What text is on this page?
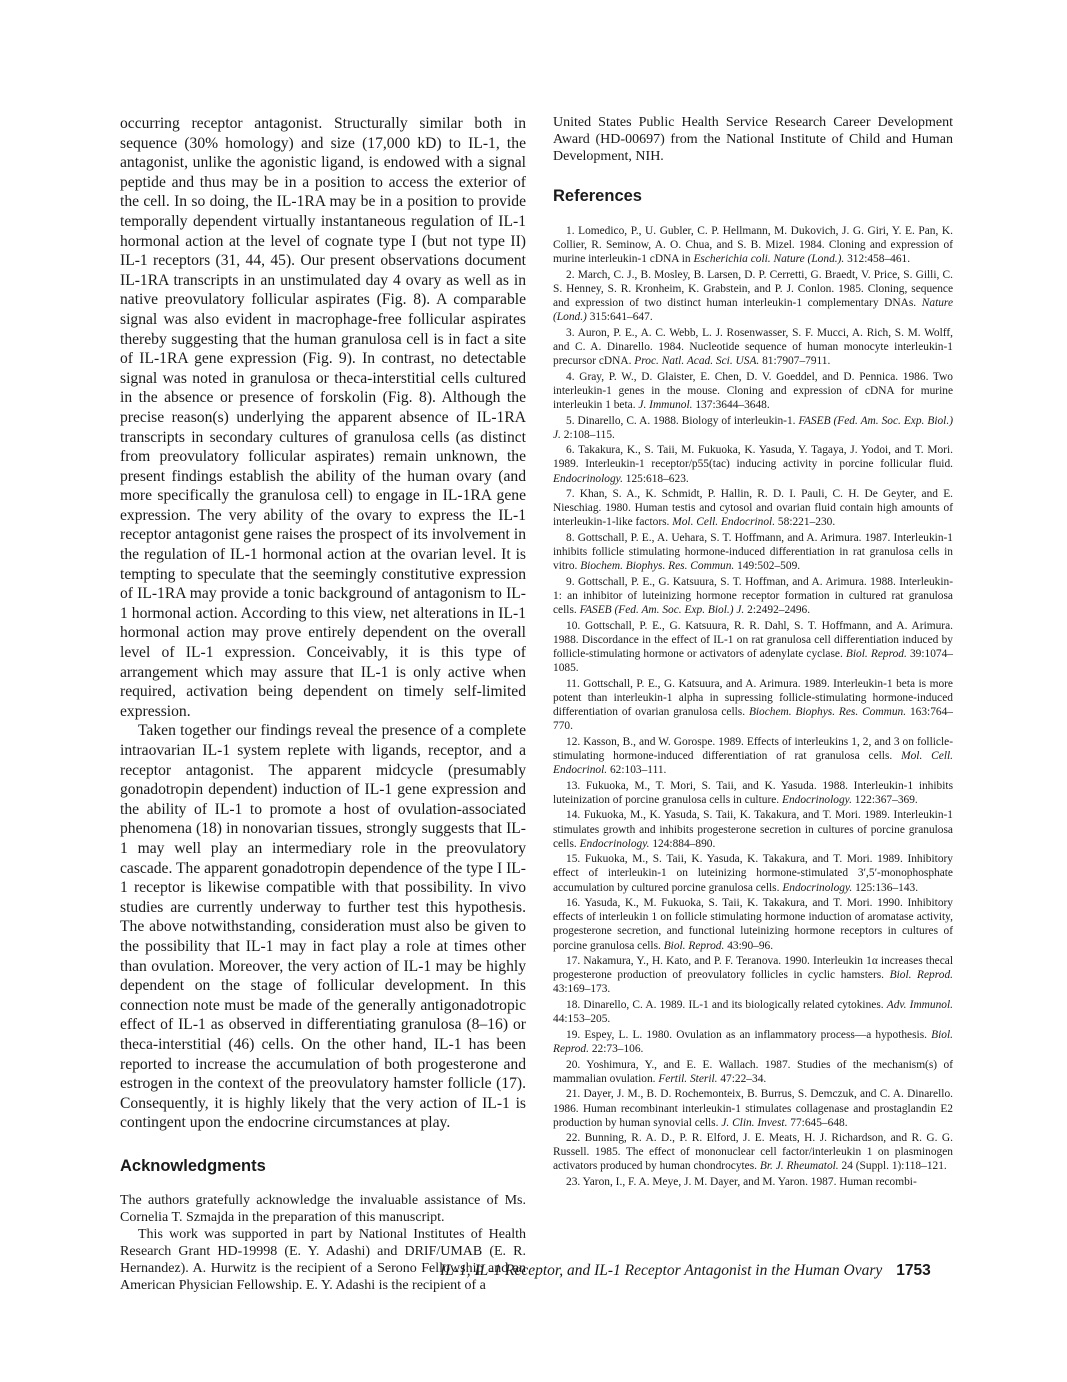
occurring receptor antagonist. Structurally similar both in sequence (30% homology) and size (17,000 kD) to IL-1, the antagonist, unlike the agonistic ligand, is endowed with a signal peptide and thus may be in a position to access the exterior of the cell. In so doing, the IL-1RA may be in a position to provide temporally dependent virtually instantaneous regulation of IL-1 hormonal action at the level of cognate type I (but not type II) IL-1 receptors (31, 44, 45). Our present observations document IL-1RA transcripts in an unstimulated day 4 ovary as well as in native preovulatory follicular aspirates (Fig. 8). A comparable signal was also evident in macrophage-free follicular aspirates thereby suggesting that the human granulosa cell is in fact a site of IL-1RA gene expression (Fig. 9). In contrast, no detectable signal was noted in granulosa or theca-interstitial cells cultured in the absence or presence of forskolin (Fig. 8). Although the precise reason(s) underlying the apparent absence of IL-1RA transcripts in secondary cultures of granulosa cells (as distinct from preovulatory follicular aspirates) remain unknown, the present findings establish the ability of the human ovary (and more specifically the granulosa cell) to engage in IL-1RA gene expression. The very ability of the ovary to express the IL-1 receptor antagonist gene raises the prospect of its involvement in the regulation of IL-1 hormonal action at the ovarian level. It is tempting to speculate that the seemingly constitutive expression of IL-1RA may provide a tonic background of antagonism to IL-1 hormonal action. According to this view, net alterations in IL-1 hormonal action may prove entirely dependent on the overall level of IL-1 expression. Conceivably, it is this type of arrangement which may assure that IL-1 is only active when required, activation being dependent on timely self-limited expression.

Taken together our findings reveal the presence of a complete intraovarian IL-1 system replete with ligands, receptor, and a receptor antagonist. The apparent midcycle (presumably gonadotropin dependent) induction of IL-1 gene expression and the ability of IL-1 to promote a host of ovulation-associated phenomena (18) in nonovarian tissues, strongly suggests that IL-1 may well play an intermediary role in the preovulatory cascade. The apparent gonadotropin dependence of the type I IL-1 receptor is likewise compatible with that possibility. In vivo studies are currently underway to further test this hypothesis. The above notwithstanding, consideration must also be given to the possibility that IL-1 may in fact play a role at times other than ovulation. Moreover, the very action of IL-1 may be highly dependent on the stage of follicular development. In this connection note must be made of the generally antigonadotropic effect of IL-1 as observed in differentiating granulosa (8–16) or theca-interstitial (46) cells. On the other hand, IL-1 has been reported to increase the accumulation of both progesterone and estrogen in the context of the preovulatory hamster follicle (17). Consequently, it is highly likely that the very action of IL-1 is contingent upon the endocrine circumstances at play.

Acknowledgments

The authors gratefully acknowledge the invaluable assistance of Ms. Cornelia T. Szmajda in the preparation of this manuscript.

This work was supported in part by National Institutes of Health Research Grant HD-19998 (E. Y. Adashi) and DRIF/UMAB (E. R. Hernandez). A. Hurwitz is the recipient of a Serono Fellowship and an American Physician Fellowship. E. Y. Adashi is the recipient of a

United States Public Health Service Research Career Development Award (HD-00697) from the National Institute of Child and Human Development, NIH.

References
1. Lomedico, P., U. Gubler, C. P. Hellmann, M. Dukovich, J. G. Giri, Y. E. Pan, K. Collier, R. Seminow, A. O. Chua, and S. B. Mizel. 1984. Cloning and expression of murine interleukin-1 cDNA in Escherichia coli. Nature (Lond.). 312:458–461.
2. March, C. J., B. Mosley, B. Larsen, D. P. Cerretti, G. Braedt, V. Price, S. Gilli, C. S. Henney, S. R. Kronheim, K. Grabstein, and P. J. Conlon. 1985. Cloning, sequence and expression of two distinct human interleukin-1 complementary DNAs. Nature (Lond.) 315:641–647.
3. Auron, P. E., A. C. Webb, L. J. Rosenwasser, S. F. Mucci, A. Rich, S. M. Wolff, and C. A. Dinarello. 1984. Nucleotide sequence of human monocyte interleukin-1 precursor cDNA. Proc. Natl. Acad. Sci. USA. 81:7907–7911.
4. Gray, P. W., D. Glaister, E. Chen, D. V. Goeddel, and D. Pennica. 1986. Two interleukin-1 genes in the mouse. Cloning and expression of cDNA for murine interleukin 1 beta. J. Immunol. 137:3644–3648.
5. Dinarello, C. A. 1988. Biology of interleukin-1. FASEB (Fed. Am. Soc. Exp. Biol.) J. 2:108–115.
6. Takakura, K., S. Taii, M. Fukuoka, K. Yasuda, Y. Tagaya, J. Yodoi, and T. Mori. 1989. Interleukin-1 receptor/p55(tac) inducing activity in porcine follicular fluid. Endocrinology. 125:618–623.
7. Khan, S. A., K. Schmidt, P. Hallin, R. D. I. Pauli, C. H. De Geyter, and E. Nieschiag. 1980. Human testis and cytosol and ovarian fluid contain high amounts of interleukin-1-like factors. Mol. Cell. Endocrinol. 58:221–230.
8. Gottschall, P. E., A. Uehara, S. T. Hoffmann, and A. Arimura. 1987. Interleukin-1 inhibits follicle stimulating hormone-induced differentiation in rat granulosa cells in vitro. Biochem. Biophys. Res. Commun. 149:502–509.
9. Gottschall, P. E., G. Katsuura, S. T. Hoffman, and A. Arimura. 1988. Interleukin-1: an inhibitor of luteinizing hormone receptor formation in cultured rat granulosa cells. FASEB (Fed. Am. Soc. Exp. Biol.) J. 2:2492–2496.
10. Gottschall, P. E., G. Katsuura, R. R. Dahl, S. T. Hoffmann, and A. Arimura. 1988. Discordance in the effect of IL-1 on rat granulosa cell differentiation induced by follicle-stimulating hormone or activators of adenylate cyclase. Biol. Reprod. 39:1074–1085.
11. Gottschall, P. E., G. Katsuura, and A. Arimura. 1989. Interleukin-1 beta is more potent than interleukin-1 alpha in supressing follicle-stimulating hormone-induced differentiation of ovarian granulosa cells. Biochem. Biophys. Res. Commun. 163:764–770.
12. Kasson, B., and W. Gorospe. 1989. Effects of interleukins 1, 2, and 3 on follicle-stimulating hormone-induced differentiation of rat granulosa cells. Mol. Cell. Endocrinol. 62:103–111.
13. Fukuoka, M., T. Mori, S. Taii, and K. Yasuda. 1988. Interleukin-1 inhibits luteinization of porcine granulosa cells in culture. Endocrinology. 122:367–369.
14. Fukuoka, M., K. Yasuda, S. Taii, K. Takakura, and T. Mori. 1989. Interleukin-1 stimulates growth and inhibits progesterone secretion in cultures of porcine granulosa cells. Endocrinology. 124:884–890.
15. Fukuoka, M., S. Taii, K. Yasuda, K. Takakura, and T. Mori. 1989. Inhibitory effect of interleukin-1 on luteinizing hormone-stimulated 3′,5′-monophosphate accumulation by cultured porcine granulosa cells. Endocrinology. 125:136–143.
16. Yasuda, K., M. Fukuoka, S. Taii, K. Takakura, and T. Mori. 1990. Inhibitory effects of interleukin 1 on follicle stimulating hormone induction of aromatase activity, progesterone secretion, and functional luteinizing hormone receptors in cultures of porcine granulosa cells. Biol. Reprod. 43:90–96.
17. Nakamura, Y., H. Kato, and P. F. Teranova. 1990. Interleukin 1α increases thecal progesterone production of preovulatory follicles in cyclic hamsters. Biol. Reprod. 43:169–173.
18. Dinarello, C. A. 1989. IL-1 and its biologically related cytokines. Adv. Immunol. 44:153–205.
19. Espey, L. L. 1980. Ovulation as an inflammatory process—a hypothesis. Biol. Reprod. 22:73–106.
20. Yoshimura, Y., and E. E. Wallach. 1987. Studies of the mechanism(s) of mammalian ovulation. Fertil. Steril. 47:22–34.
21. Dayer, J. M., B. D. Rochemonteix, B. Burrus, S. Demczuk, and C. A. Dinarello. 1986. Human recombinant interleukin-1 stimulates collagenase and prostaglandin E2 production by human synovial cells. J. Clin. Invest. 77:645–648.
22. Bunning, R. A. D., P. R. Elford, J. E. Meats, H. J. Richardson, and R. G. G. Russell. 1985. The effect of mononuclear cell factor/interleukin 1 on plasminogen activators produced by human chondrocytes. Br. J. Rheumatol. 24 (Suppl. 1):118–121.
23. Yaron, I., F. A. Meye, J. M. Dayer, and M. Yaron. 1987. Human recombi-
IL-1, IL-1 Receptor, and IL-1 Receptor Antagonist in the Human Ovary 1753
